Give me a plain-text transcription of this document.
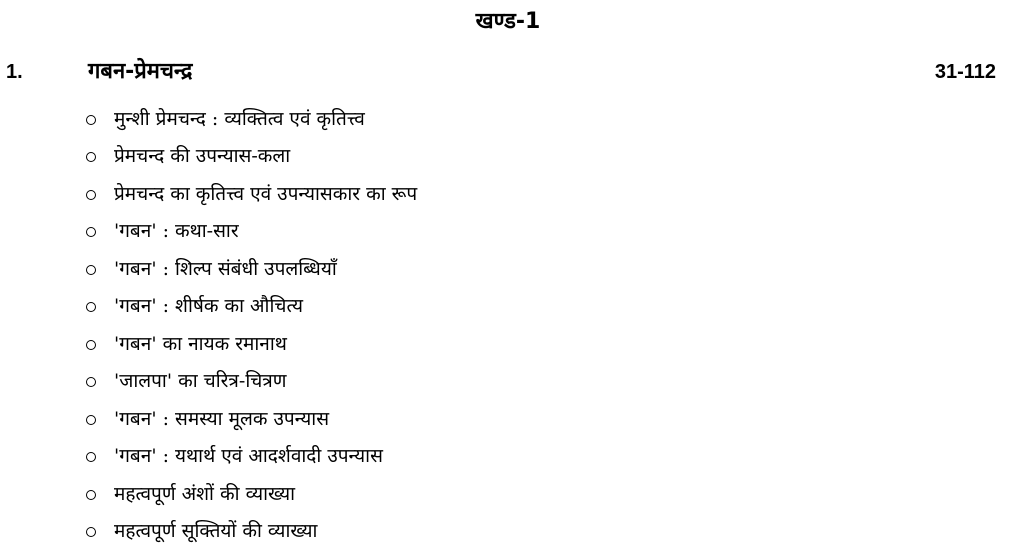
खण्ड-1
1.	गबन-प्रेमचन्द्र	31-112
मुन्शी प्रेमचन्द : व्यक्तित्व एवं कृतित्त्व
प्रेमचन्द की उपन्यास-कला
प्रेमचन्द का कृतित्त्व एवं उपन्यासकार का रूप
'गबन' : कथा-सार
'गबन' : शिल्प संबंधी उपलब्धियाँ
'गबन' : शीर्षक का औचित्य
'गबन' का नायक रमानाथ
'जालपा' का चरित्र-चित्रण
'गबन' : समस्या मूलक उपन्यास
'गबन' : यथार्थ एवं आदर्शवादी उपन्यास
महत्वपूर्ण अंशों की व्याख्या
महत्वपूर्ण सूक्तियों की व्याख्या
